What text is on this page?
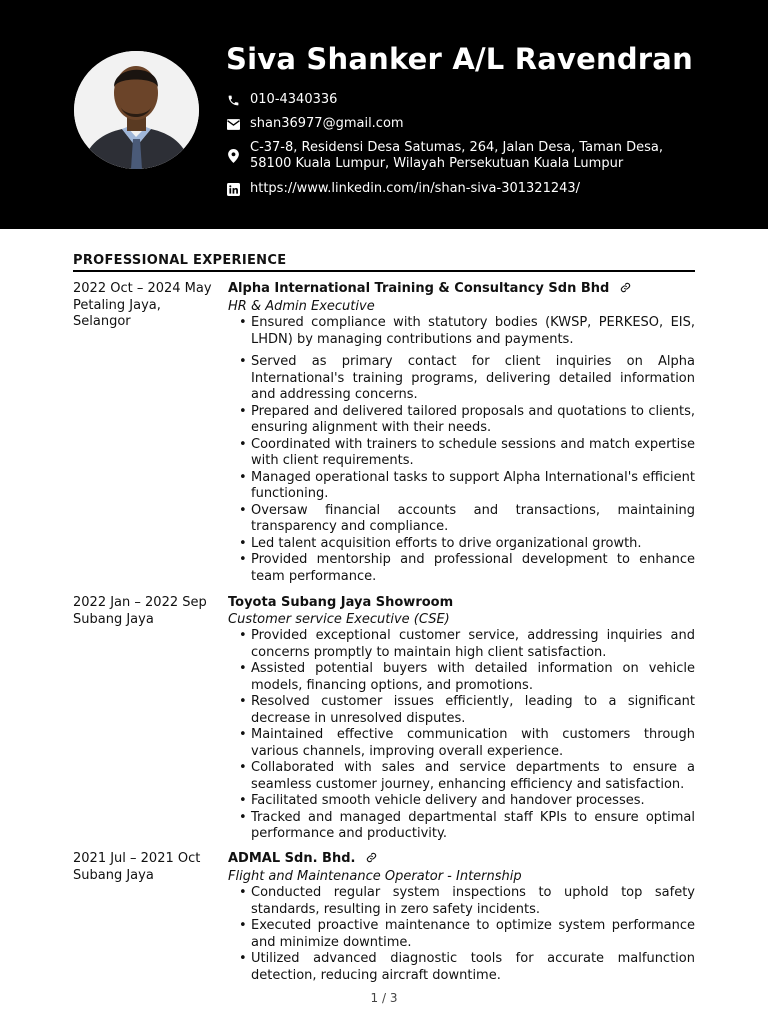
Siva Shanker A/L Ravendran
010-4340336
shan36977@gmail.com
C-37-8, Residensi Desa Satumas, 264, Jalan Desa, Taman Desa,
58100 Kuala Lumpur, Wilayah Persekutuan Kuala Lumpur
https://www.linkedin.com/in/shan-siva-301321243/
PROFESSIONAL EXPERIENCE
2022 Oct – 2024 May
Petaling Jaya,
Selangor
Alpha International Training & Consultancy Sdn Bhd
HR & Admin Executive
• Ensured compliance with statutory bodies (KWSP, PERKESO, EIS, LHDN) by managing contributions and payments.
• Served as primary contact for client inquiries on Alpha International's training programs, delivering detailed information and addressing concerns.
• Prepared and delivered tailored proposals and quotations to clients, ensuring alignment with their needs.
• Coordinated with trainers to schedule sessions and match expertise with client requirements.
• Managed operational tasks to support Alpha International's efficient functioning.
• Oversaw financial accounts and transactions, maintaining transparency and compliance.
• Led talent acquisition efforts to drive organizational growth.
• Provided mentorship and professional development to enhance team performance.
2022 Jan – 2022 Sep
Subang Jaya
Toyota Subang Jaya Showroom
Customer service Executive (CSE)
• Provided exceptional customer service, addressing inquiries and concerns promptly to maintain high client satisfaction.
• Assisted potential buyers with detailed information on vehicle models, financing options, and promotions.
• Resolved customer issues efficiently, leading to a significant decrease in unresolved disputes.
• Maintained effective communication with customers through various channels, improving overall experience.
• Collaborated with sales and service departments to ensure a seamless customer journey, enhancing efficiency and satisfaction.
• Facilitated smooth vehicle delivery and handover processes.
• Tracked and managed departmental staff KPIs to ensure optimal performance and productivity.
2021 Jul – 2021 Oct
Subang Jaya
ADMAL Sdn. Bhd.
Flight and Maintenance Operator - Internship
• Conducted regular system inspections to uphold top safety standards, resulting in zero safety incidents.
• Executed proactive maintenance to optimize system performance and minimize downtime.
• Utilized advanced diagnostic tools for accurate malfunction detection, reducing aircraft downtime.
1 / 3
